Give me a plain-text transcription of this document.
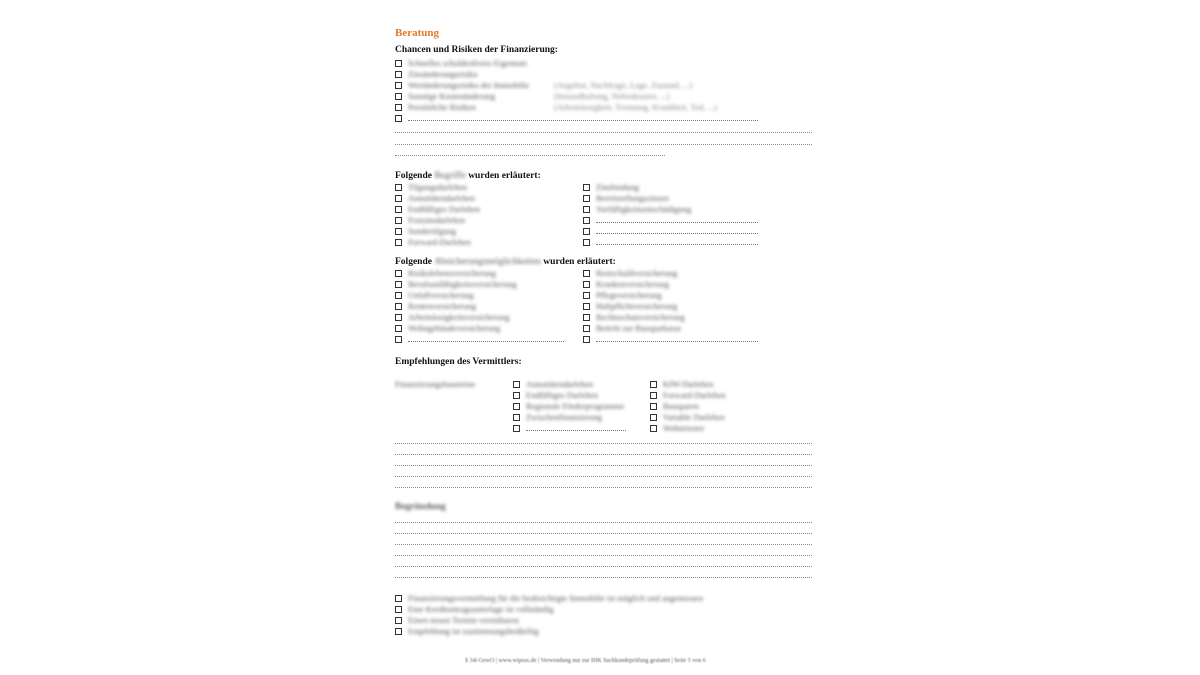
Beratung
Chancen und Risiken der Finanzierung:
Schnelles schuldenfreies Eigentum
Zinsänderungsrisiko
Wertänderungsrisiko der Immobilie	(Angebot, Nachfrage, Lage, Zustand, ...)
Sonstige Kostenänderung	(Instandhaltung, Nebenkosten, ...)
Persönliche Risiken	(Arbeitslosigkeit, Trennung, Krankheit, Tod, ...)
Folgende Begriffe wurden erläutert:
Tilgungsdarlehen
Annuitätendarlehen
Endfälliges Darlehen
Festzinsdarlehen
Sondertilgung
Forward-Darlehen
Zinsbindung
Bereitstellungszinsen
Vorfälligkeitsentschädigung
Folgende Absicherungsmöglichkeiten wurden erläutert:
Risikolebensversicherung
Berufsunfähigkeitsversicherung
Unfallversicherung
Rentenversicherung
Arbeitslosigkeitsversicherung
Wohngebäudeversicherung
Restschuldversicherung
Krankenversicherung
Pflegeversicherung
Haftpflichtversicherung
Rechtsschutzversicherung
Beitritt zur Bausparkasse
Empfehlungen des Vermittlers:
Finanzierungsbausteine	Annuitätendarlehen
Endfälliges Darlehen
Regionale Förderprogramme
Zwischenfinanzierung
KfW-Darlehen
Forward-Darlehen
Bausparen
Variable Darlehen
Wohnriester
Begründung
Finanzierungsvermittlung für die beabsichtigte Immobilie ist möglich und angemessen
Eine Kreditantragsunterlage ist vollständig
Einen neuen Termin vereinbaren
Empfehlung ist zustimmungsbedürftig
§ 34i GewO | www.wiprax.de | Verwendung nur zur IHK Sachkundeprüfung gestattet | Seite 5 von 6
